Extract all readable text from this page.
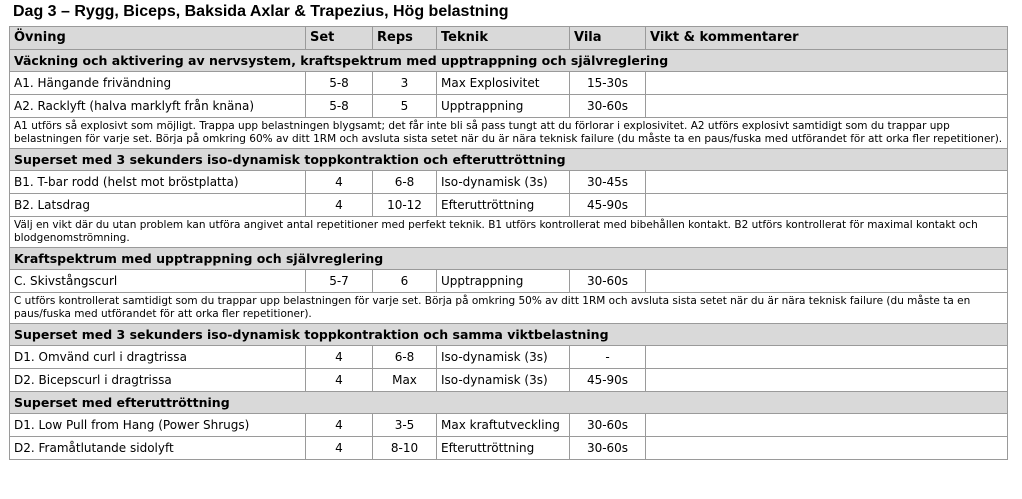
Dag 3 – Rygg, Biceps, Baksida Axlar & Trapezius, Hög belastning
Övning	Set	Reps	Teknik	Vila	Vikt & kommentarer
Väckning och aktivering av nervsystem, kraftspektrum med upptrappning och självreglering					
A1. Hängande frivändning	5-8	3	Max Explosivitet	15-30s	
A2. Racklyft (halva marklyft från knäna)	5-8	5	Upptrappning	30-60s	
A1 utförs så explosivt som möjligt. Trappa upp belastningen blygsamt; det får inte bli så pass tungt att du förlorar i explosivitet. A2 utförs explosivt samtidigt som du trappar upp belastningen för varje set. Börja på omkring 60% av ditt 1RM och avsluta sista setet när du är nära teknisk failure (du måste ta en paus/fuska med utförandet för att orka fler repetitioner).					
Superset med 3 sekunders iso-dynamisk toppkontraktion och efteruttröttning					
B1. T-bar rodd (helst mot bröstplatta)	4	6-8	Iso-dynamisk (3s)	30-45s	
B2. Latsdrag	4	10-12	Efteruttröttning	45-90s	
Välj en vikt där du utan problem kan utföra angivet antal repetitioner med perfekt teknik. B1 utförs kontrollerat med bibehållen kontakt. B2 utförs kontrollerat för maximal kontakt och blodgenomströmning.					
Kraftspektrum med upptrappning och självreglering					
C. Skivstångscurl	5-7	6	Upptrappning	30-60s	
C utförs kontrollerat samtidigt som du trappar upp belastningen för varje set. Börja på omkring 50% av ditt 1RM och avsluta sista setet när du är nära teknisk failure (du måste ta en paus/fuska med utförandet för att orka fler repetitioner).					
Superset med 3 sekunders iso-dynamisk toppkontraktion och samma viktbelastning					
D1. Omvänd curl i dragtrissa	4	6-8	Iso-dynamisk (3s)	-	
D2. Bicepscurl i dragtrissa	4	Max	Iso-dynamisk (3s)	45-90s	
Superset med efteruttröttning					
D1. Low Pull from Hang (Power Shrugs)	4	3-5	Max kraftutveckling	30-60s	
D2. Framåtlutande sidolyft	4	8-10	Efteruttröttning	30-60s	
